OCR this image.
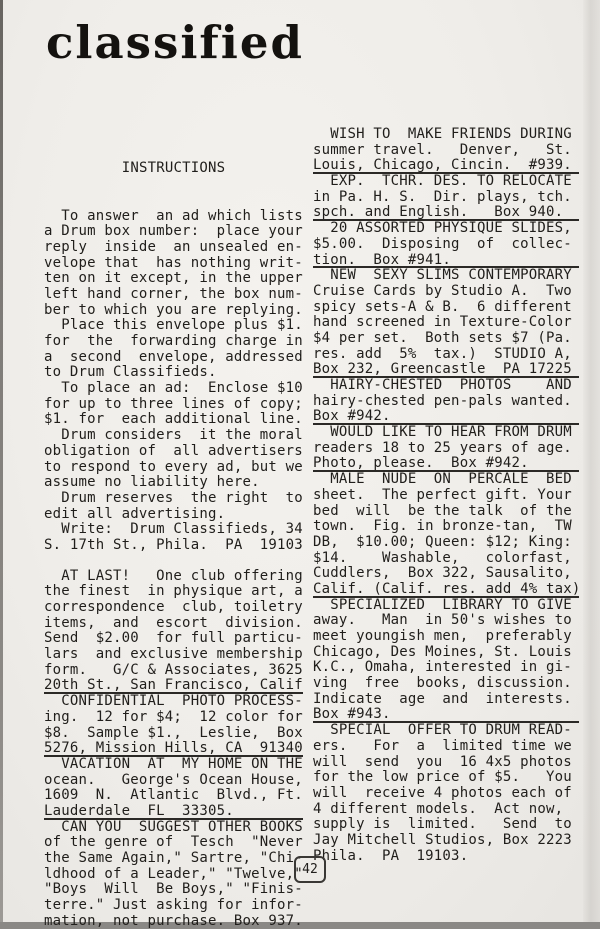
classified

INSTRUCTIONS

To answer  an ad which lists
a Drum box number:  place your
reply  inside  an unsealed en-
velope that  has nothing writ-
ten on it except, in the upper
left hand corner, the box num-
ber to which you are replying.
Place this envelope plus $1.
for  the  forwarding charge in
a  second  envelope, addressed
to Drum Classifieds.
To place an ad:  Enclose $10
for up to three lines of copy;
$1. for  each additional line.
Drum considers  it the moral
obligation of  all advertisers
to respond to every ad, but we
assume no liability here.
Drum reserves  the right  to
edit all advertising.
Write:  Drum Classifieds, 34
S. 17th St., Phila.  PA  19103
AT LAST!   One club offering
the finest  in physique art, a
correspondence  club, toiletry
items,  and  escort  division.
Send  $2.00  for full particu-
lars  and exclusive membership
form.   G/C & Associates, 3625
20th St., San Francisco, Calif
CONFIDENTIAL  PHOTO PROCESS-
ing.  12 for $4;  12 color for
$8.  Sample $1.,  Leslie,  Box
5276, Mission Hills, CA  91340
VACATION  AT  MY HOME ON THE
ocean.   George's Ocean House,
1609  N.  Atlantic  Blvd., Ft.
Lauderdale  FL  33305.
CAN YOU  SUGGEST OTHER BOOKS
of the genre of  Tesch  "Never
the Same Again," Sartre, "Chi-
ldhood of a Leader," "Twelve,"
"Boys  Will  Be Boys," "Finis-
terre." Just asking for infor-
mation, not purchase. Box 937.
WISH TO  MAKE FRIENDS DURING
summer travel.   Denver,   St.
Louis, Chicago, Cincin.  #939.
EXP.  TCHR. DES. TO RELOCATE
in Pa. H. S.  Dir. plays, tch.
spch. and English.   Box 940.
20 ASSORTED PHYSIQUE SLIDES,
$5.00.  Disposing  of  collec-
tion.  Box #941.
NEW  SEXY SLIMS CONTEMPORARY
Cruise Cards by Studio A.  Two
spicy sets-A & B.  6 different
hand screened in Texture-Color
$4 per set.  Both sets $7 (Pa.
res. add  5%  tax.)  STUDIO A,
Box 232, Greencastle  PA 17225
HAIRY-CHESTED  PHOTOS    AND
hairy-chested pen-pals wanted.
Box #942.
WOULD LIKE TO HEAR FROM DRUM
readers 18 to 25 years of age.
Photo, please.  Box #942.
MALE  NUDE  ON  PERCALE  BED
sheet.  The perfect gift. Your
bed  will  be the talk  of the
town.  Fig. in bronze-tan,  TW
DB,  $10.00; Queen: $12; King:
$14.    Washable,   colorfast,
Cuddlers,  Box 322, Sausalito,
Calif. (Calif. res. add 4% tax)
SPECIALIZED  LIBRARY TO GIVE
away.   Man  in 50's wishes to
meet youngish men,  preferably
Chicago, Des Moines, St. Louis
K.C., Omaha, interested in gi-
ving  free  books, discussion.
Indicate  age  and  interests.
Box #943.
SPECIAL  OFFER TO DRUM READ-
ers.   For  a  limited time we
will  send  you  16 4x5 photos
for the low price of $5.   You
will  receive 4 photos each of
4 different models.  Act now,
supply is  limited.   Send  to
Jay Mitchell Studios, Box 2223
Phila.  PA  19103.
42
